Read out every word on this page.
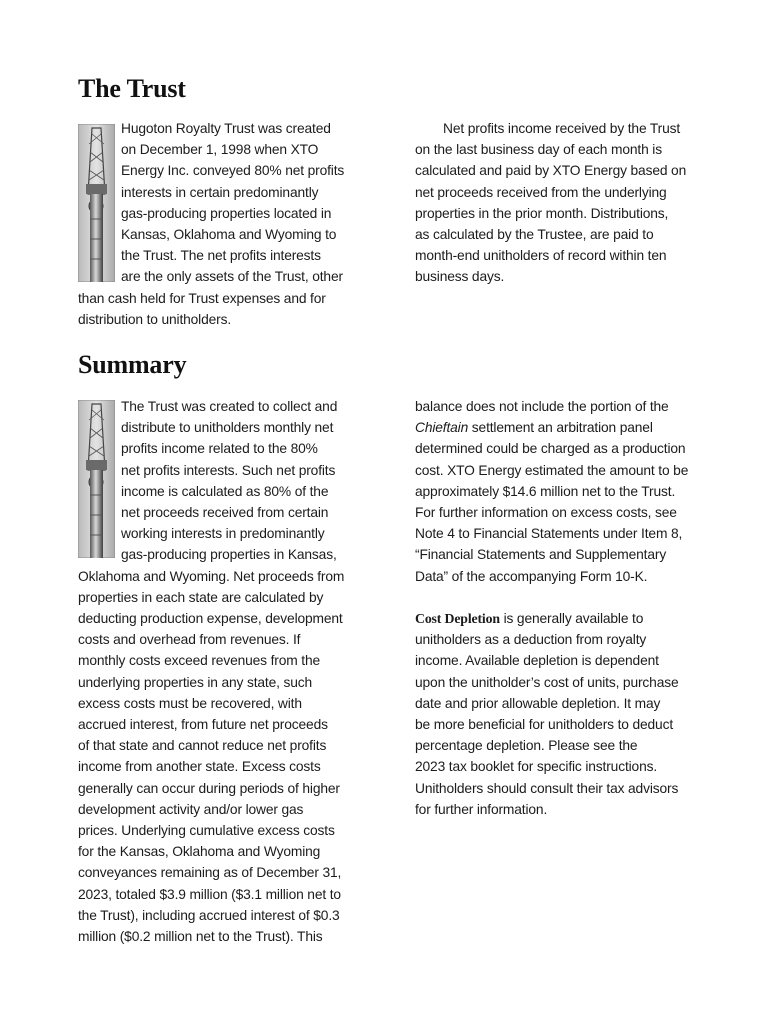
The Trust
Hugoton Royalty Trust was created
on December 1, 1998 when XTO
Energy Inc. conveyed 80% net profits
interests in certain predominantly
gas-producing properties located in
Kansas, Oklahoma and Wyoming to
the Trust. The net profits interests
are the only assets of the Trust, other
than cash held for Trust expenses and for
distribution to unitholders.
Net profits income received by the Trust
on the last business day of each month is
calculated and paid by XTO Energy based on
net proceeds received from the underlying
properties in the prior month. Distributions,
as calculated by the Trustee, are paid to
month-end unitholders of record within ten
business days.
Summary
The Trust was created to collect and
distribute to unitholders monthly net
profits income related to the 80%
net profits interests. Such net profits
income is calculated as 80% of the
net proceeds received from certain
working interests in predominantly
gas-producing properties in Kansas,
Oklahoma and Wyoming. Net proceeds from
properties in each state are calculated by
deducting production expense, development
costs and overhead from revenues. If
monthly costs exceed revenues from the
underlying properties in any state, such
excess costs must be recovered, with
accrued interest, from future net proceeds
of that state and cannot reduce net profits
income from another state. Excess costs
generally can occur during periods of higher
development activity and/or lower gas
prices. Underlying cumulative excess costs
for the Kansas, Oklahoma and Wyoming
conveyances remaining as of December 31,
2023, totaled $3.9 million ($3.1 million net to
the Trust), including accrued interest of $0.3
million ($0.2 million net to the Trust). This
balance does not include the portion of the
Chieftain settlement an arbitration panel
determined could be charged as a production
cost. XTO Energy estimated the amount to be
approximately $14.6 million net to the Trust.
For further information on excess costs, see
Note 4 to Financial Statements under Item 8,
“Financial Statements and Supplementary
Data” of the accompanying Form 10-K.
Cost Depletion is generally available to
unitholders as a deduction from royalty
income. Available depletion is dependent
upon the unitholder’s cost of units, purchase
date and prior allowable depletion. It may
be more beneficial for unitholders to deduct
percentage depletion. Please see the
2023 tax booklet for specific instructions.
Unitholders should consult their tax advisors
for further information.
